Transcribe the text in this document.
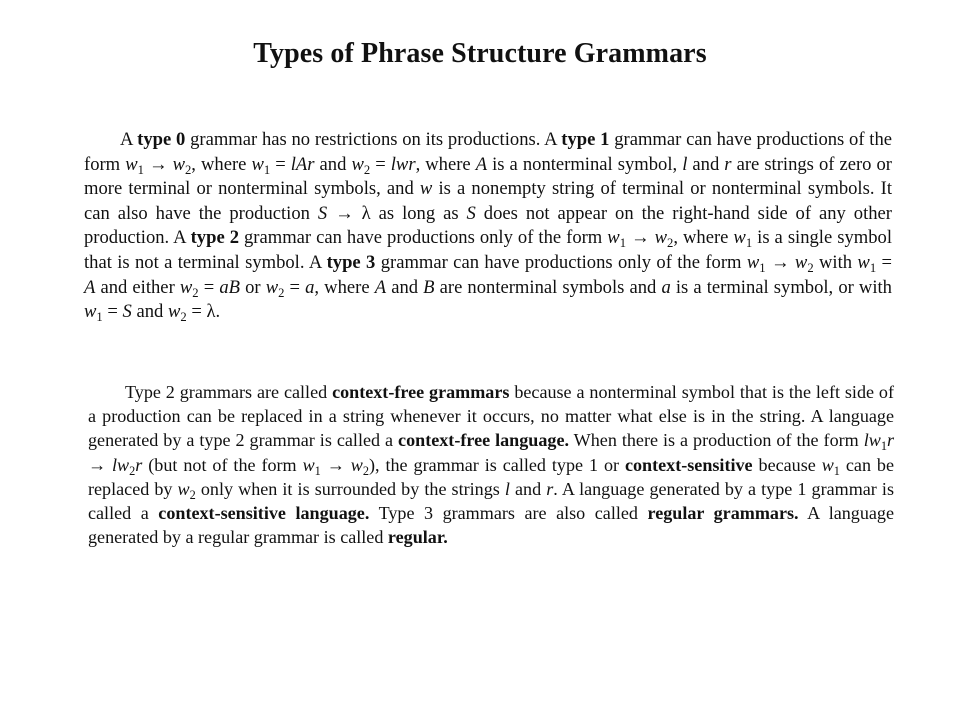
Types of Phrase Structure Grammars
A type 0 grammar has no restrictions on its productions. A type 1 grammar can have productions of the form $w_1 \to w_2$, where $w_1$ = lAr and $w_2$ = lwr, where A is a nonterminal symbol, l and r are strings of zero or more terminal or nonterminal symbols, and w is a nonempty string of terminal or nonterminal symbols. It can also have the production S → λ as long as S does not appear on the right-hand side of any other production. A type 2 grammar can have productions only of the form $w_1 \to w_2$, where $w_1$ is a single symbol that is not a terminal symbol. A type 3 grammar can have productions only of the form $w_1 \to w_2$ with $w_1 = A$ and either $w_2$ = aB or $w_2 = a$, where A and B are nonterminal symbols and a is a terminal symbol, or with $w_1 = S$ and $w_2 = \lambda$.
Type 2 grammars are called context-free grammars because a nonterminal symbol that is the left side of a production can be replaced in a string whenever it occurs, no matter what else is in the string. A language generated by a type 2 grammar is called a context-free language. When there is a production of the form $lw_1r \to lw_2r$ (but not of the form $w_1 \to w_2$), the grammar is called type 1 or context-sensitive because $w_1$ can be replaced by $w_2$ only when it is surrounded by the strings l and r. A language generated by a type 1 grammar is called a context-sensitive language. Type 3 grammars are also called regular grammars. A language generated by a regular grammar is called regular.
